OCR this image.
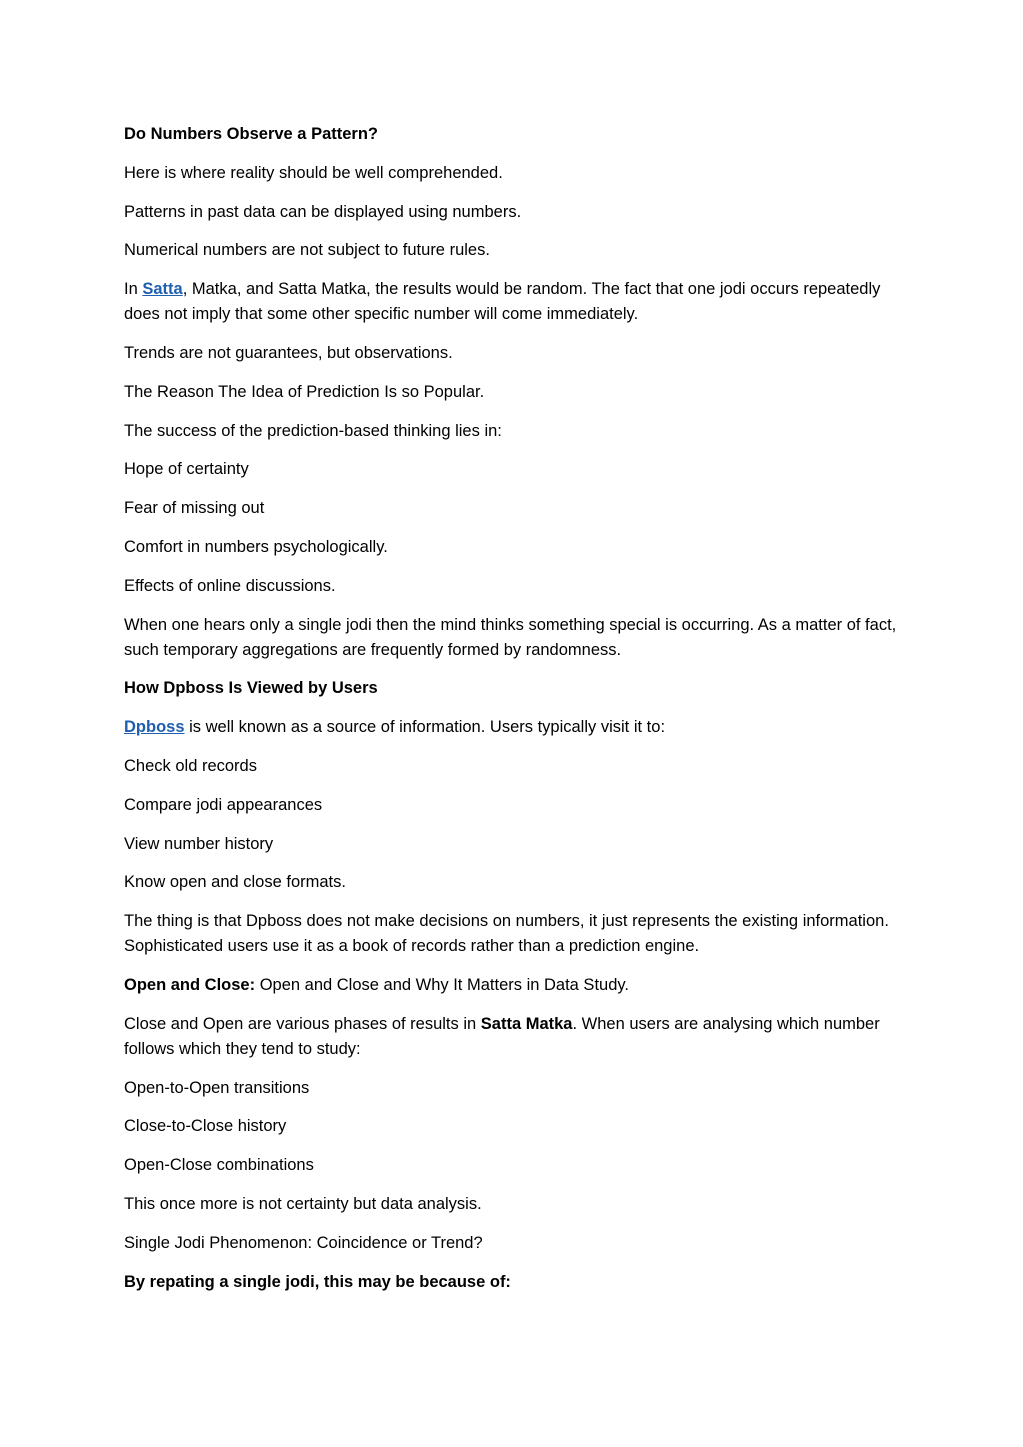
Do Numbers Observe a Pattern?
Here is where reality should be well comprehended.
Patterns in past data can be displayed using numbers.
Numerical numbers are not subject to future rules.
In Satta, Matka, and Satta Matka, the results would be random. The fact that one jodi occurs repeatedly does not imply that some other specific number will come immediately.
Trends are not guarantees, but observations.
The Reason The Idea of Prediction Is so Popular.
The success of the prediction-based thinking lies in:
Hope of certainty
Fear of missing out
Comfort in numbers psychologically.
Effects of online discussions.
When one hears only a single jodi then the mind thinks something special is occurring. As a matter of fact, such temporary aggregations are frequently formed by randomness.
How Dpboss Is Viewed by Users
Dpboss is well known as a source of information. Users typically visit it to:
Check old records
Compare jodi appearances
View number history
Know open and close formats.
The thing is that Dpboss does not make decisions on numbers, it just represents the existing information. Sophisticated users use it as a book of records rather than a prediction engine.
Open and Close: Open and Close and Why It Matters in Data Study.
Close and Open are various phases of results in Satta Matka. When users are analysing which number follows which they tend to study:
Open-to-Open transitions
Close-to-Close history
Open-Close combinations
This once more is not certainty but data analysis.
Single Jodi Phenomenon: Coincidence or Trend?
By repating a single jodi, this may be because of:
